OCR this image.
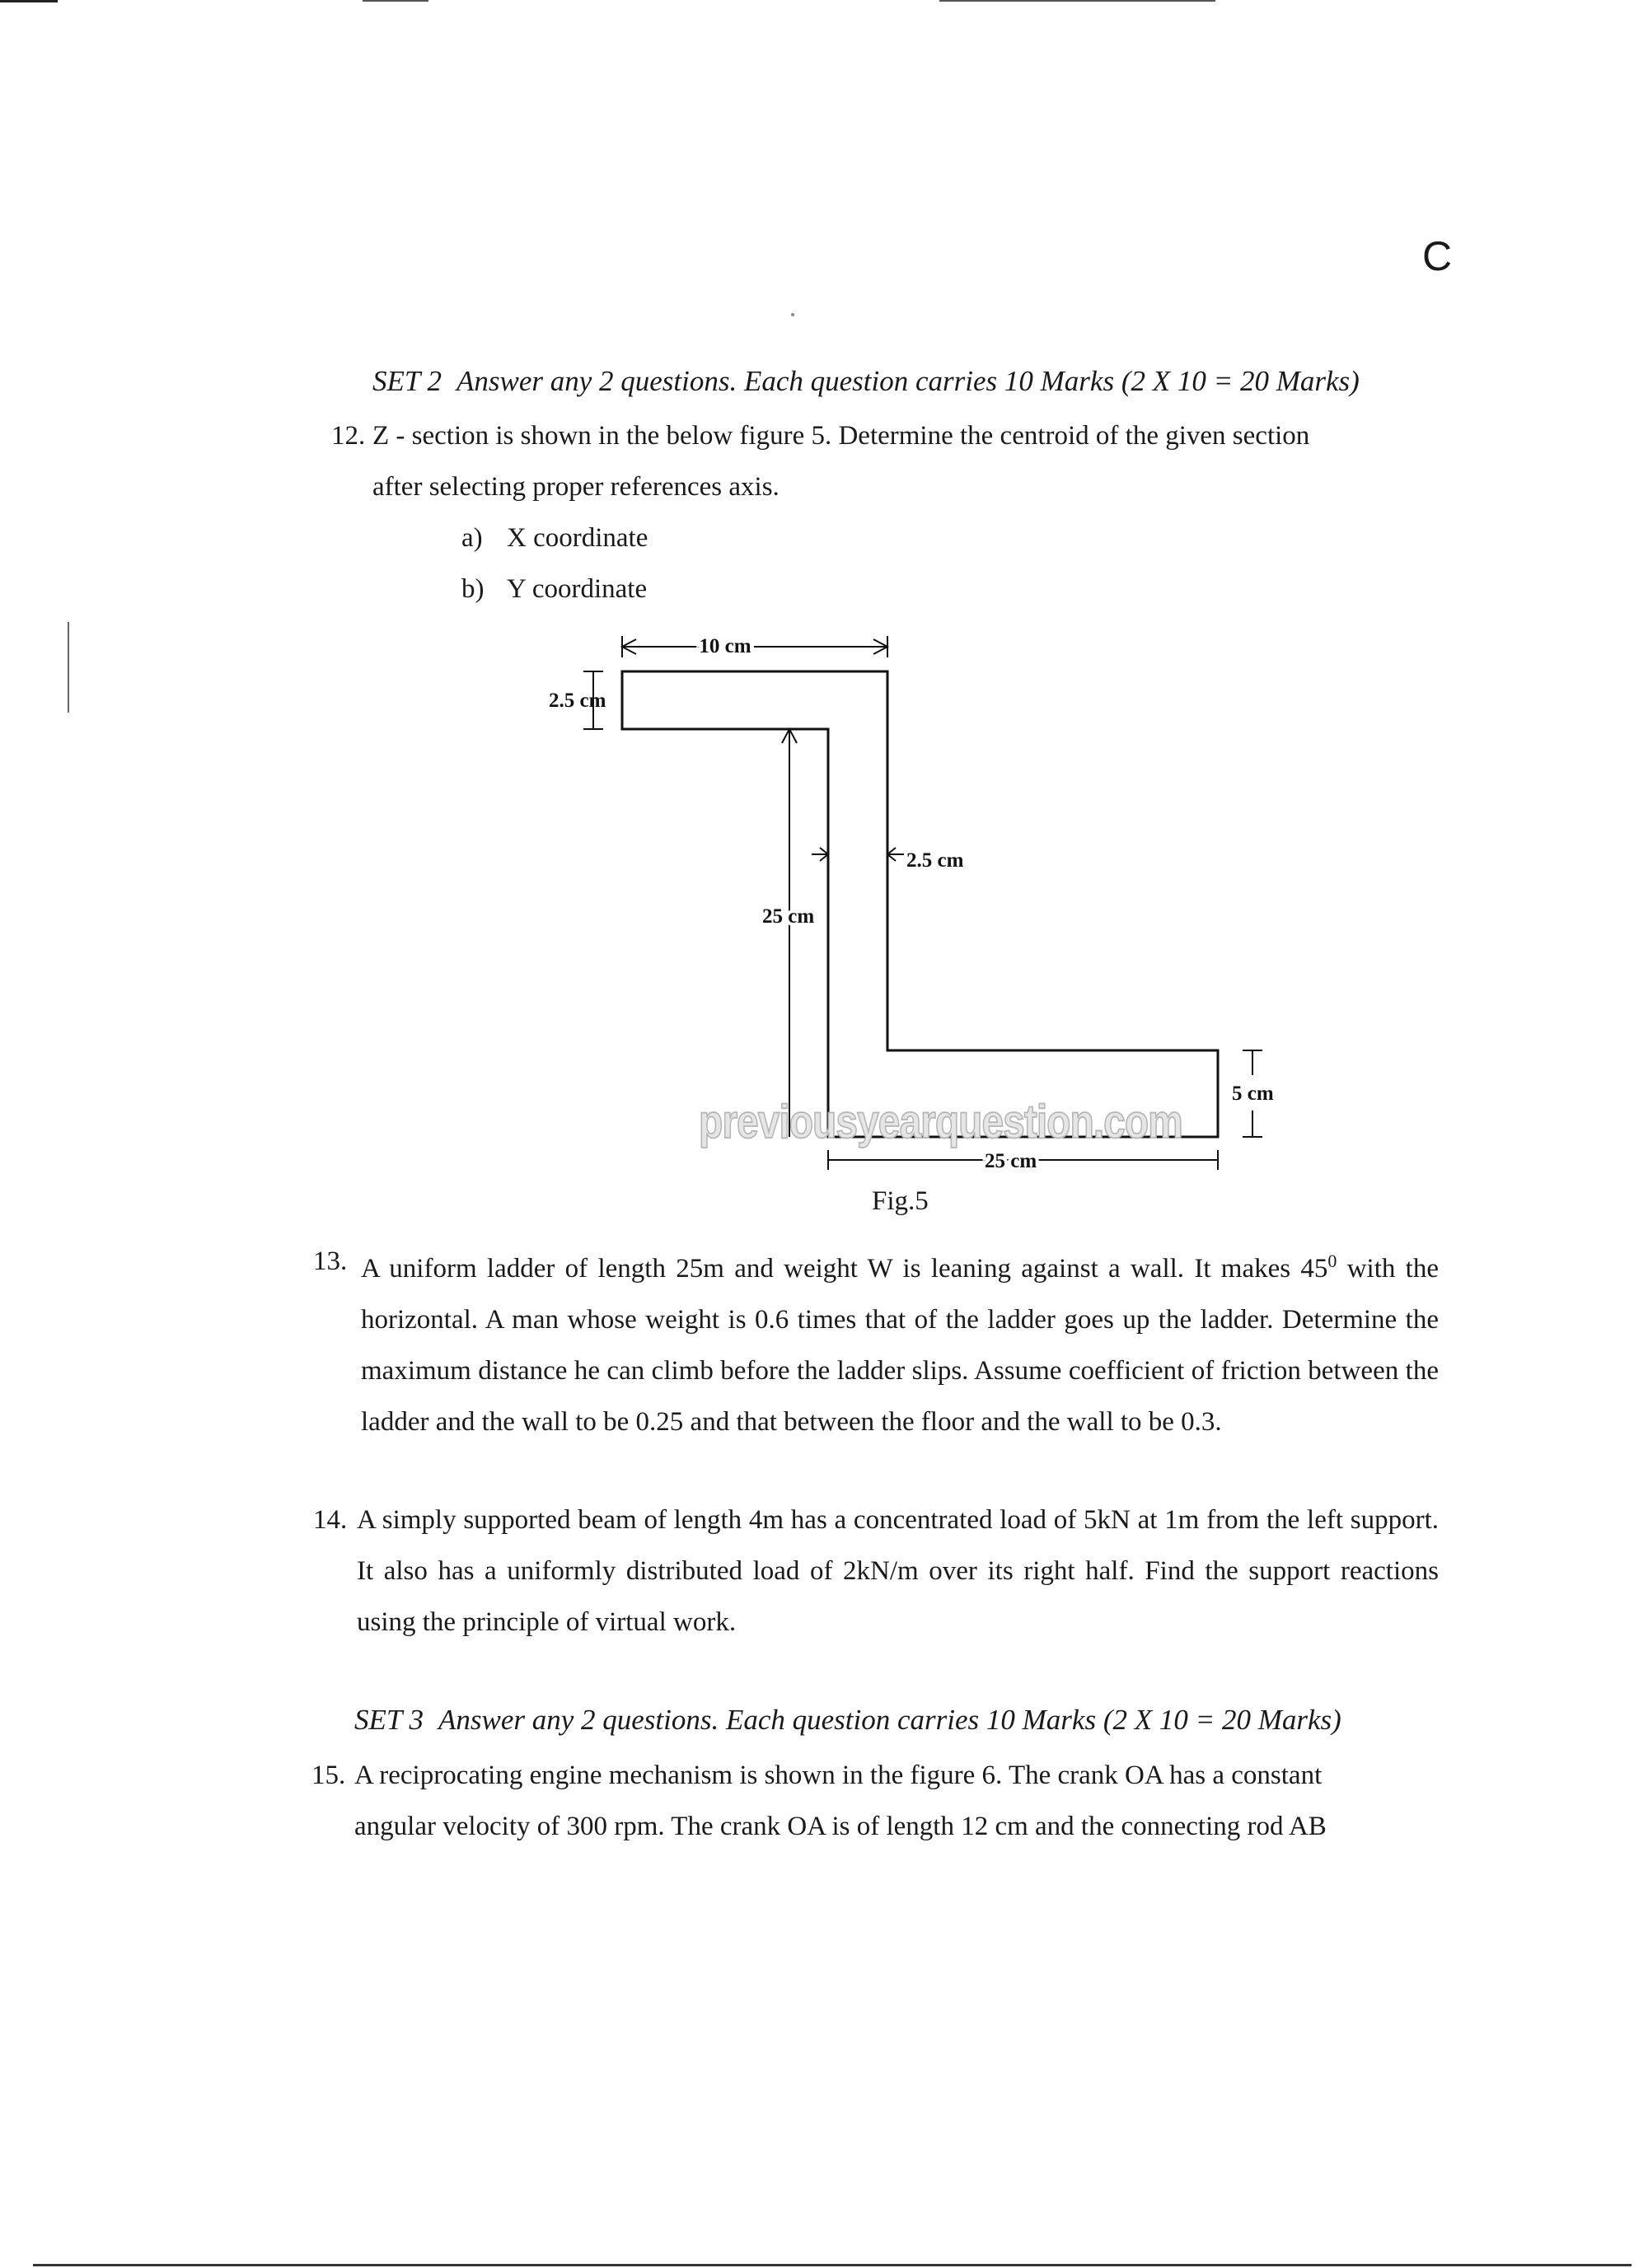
C
SET 2 Answer any 2 questions. Each question carries 10 Marks (2 X 10 = 20 Marks)
12. Z - section is shown in the below figure 5. Determine the centroid of the given section
after selecting proper references axis.
a) X coordinate
b) Y coordinate
10 cm
2.5 cm
2.5 cm
25 cm
5 cm
25 cm
previousyearquestion.com
Fig.5
13. A uniform ladder of length 25m and weight W is leaning against a wall. It makes $45^0$ with the horizontal. A man whose weight is 0.6 times that of the ladder goes up the ladder. Determine the maximum distance he can climb before the ladder slips. Assume coefficient of friction between the ladder and the wall to be 0.25 and that between the floor and the wall to be 0.3.
14. A simply supported beam of length 4m has a concentrated load of 5kN at 1m from the left support. It also has a uniformly distributed load of 2kN/m over its right half. Find the support reactions using the principle of virtual work.
SET 3 Answer any 2 questions. Each question carries 10 Marks (2 X 10 = 20 Marks)
15. A reciprocating engine mechanism is shown in the figure 6. The crank OA has a constant
angular velocity of 300 rpm. The crank OA is of length 12 cm and the connecting rod AB
